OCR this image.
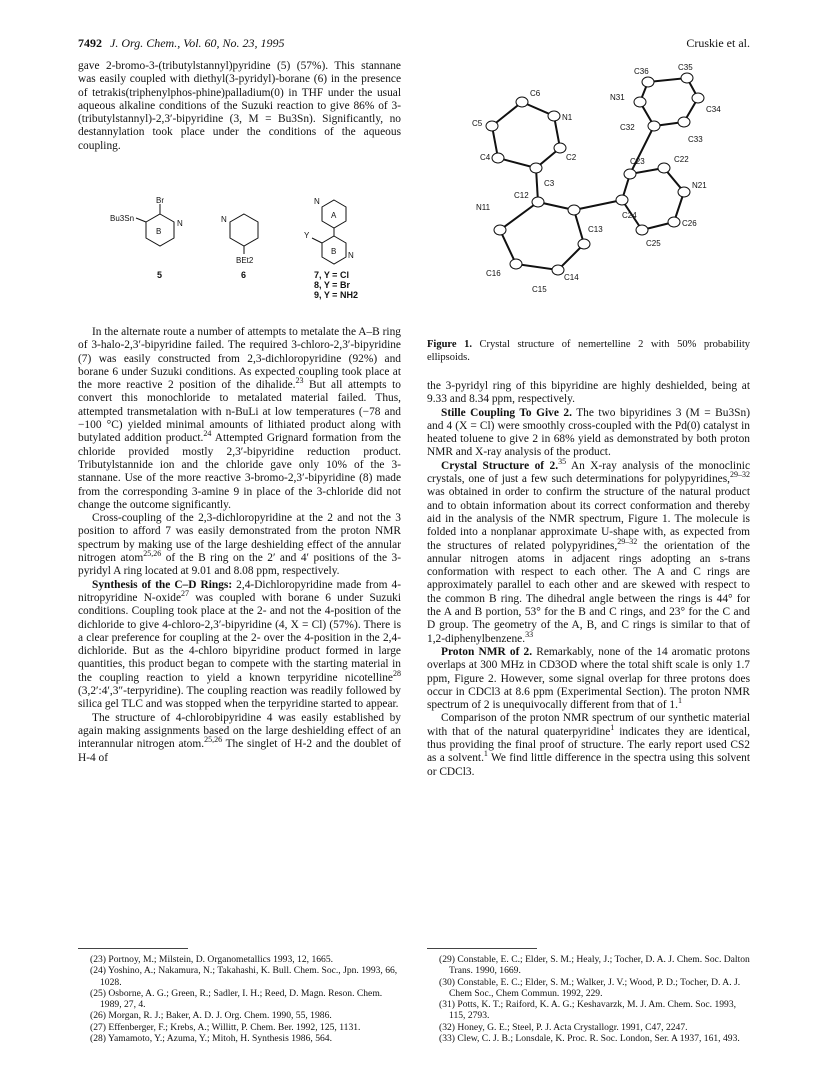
7492 J. Org. Chem., Vol. 60, No. 23, 1995	Cruskie et al.

gave 2-bromo-3-(tributylstannyl)pyridine (5) (57%). This stannane was easily coupled with diethyl(3-pyridyl)-borane (6) in the presence of tetrakis(triphenylphos-phine)palladium(0) in THF under the usual aqueous alkaline conditions of the Suzuki reaction to give 86% of 3-(tributylstannyl)-2,3′-bipyridine (3, M = Bu3Sn). Significantly, no destannylation took place under the conditions of the aqueous coupling.

Br
Bu3Sn
N
B
N
BEt2
N
A
B N
Y
5	6	7, Y = Cl
8, Y = Br
9, Y = NH2

In the alternate route a number of attempts to metalate the A–B ring of 3-halo-2,3′-bipyridine failed. The required 3-chloro-2,3′-bipyridine (7) was easily constructed from 2,3-dichloropyridine (92%) and borane 6 under Suzuki conditions. As expected coupling took place at the more reactive 2 position of the dihalide.$^{23}$ But all attempts to convert this monochloride to metalated material failed. Thus, attempted transmetalation with n-BuLi at low temperatures (−78 and −100 °C) yielded minimal amounts of lithiated product along with butylated addition product.$^{24}$ Attempted Grignard formation from the chloride provided mostly 2,3′-bipyridine reduction product. Tributylstannide ion and the chloride gave only 10% of the 3-stannane. Use of the more reactive 3-bromo-2,3′-bipyridine (8) made from the corresponding 3-amine 9 in place of the 3-chloride did not change the outcome significantly.

Cross-coupling of the 2,3-dichloropyridine at the 2 and not the 3 position to afford 7 was easily demonstrated from the proton NMR spectrum by making use of the large deshielding effect of the annular nitrogen atom$^{25,26}$ of the B ring on the 2′ and 4′ positions of the 3-pyridyl A ring located at 9.01 and 8.08 ppm, respectively.

Synthesis of the C–D Rings: 2,4-Dichloropyridine made from 4-nitropyridine N-oxide$^{27}$ was coupled with borane 6 under Suzuki conditions. Coupling took place at the 2- and not the 4-position of the dichloride to give 4-chloro-2,3′-bipyridine (4, X = Cl) (57%). There is a clear preference for coupling at the 2- over the 4-position in the 2,4-dichloride. But as the 4-chloro bipyridine product formed in large quantities, this product began to compete with the starting material in the coupling reaction to yield a known terpyridine nicotelline$^{28}$ (3,2′:4′,3″-terpyridine). The coupling reaction was readily followed by silica gel TLC and was stopped when the terpyridine started to appear.

The structure of 4-chlorobipyridine 4 was easily established by again making assignments based on the large deshielding effect of an interannular nitrogen atom.$^{25,26}$ The singlet of H-2 and the doublet of H-4 of

C36	C35
N31
C34
C32
C33
C6
C5
N1
C4	C2
C3
C23	C22
N21
C12
C26
N11
C24
C13
C25
C16	C14
C15
Figure 1. Crystal structure of nemertelline 2 with 50% probability ellipsoids.

the 3-pyridyl ring of this bipyridine are highly deshielded, being at 9.33 and 8.34 ppm, respectively.

Stille Coupling To Give 2. The two bipyridines 3 (M = Bu3Sn) and 4 (X = Cl) were smoothly cross-coupled with the Pd(0) catalyst in heated toluene to give 2 in 68% yield as demonstrated by both proton NMR and X-ray analysis of the product.

Crystal Structure of 2.35 An X-ray analysis of the monoclinic crystals, one of just a few such determinations for polypyridines,$^{29-32}$ was obtained in order to confirm the structure of the natural product and to obtain information about its correct conformation and thereby aid in the analysis of the NMR spectrum, Figure 1. The molecule is folded into a nonplanar approximate U-shape with, as expected from the structures of related polypyridines,$^{29-32}$ the orientation of the annular nitrogen atoms in adjacent rings adopting an s-trans conformation with respect to each other. The A and C rings are approximately parallel to each other and are skewed with respect to the common B ring. The dihedral angle between the rings is 44° for the A and B portion, 53° for the B and C rings, and 23° for the C and D group. The geometry of the A, B, and C rings is similar to that of 1,2-diphenylbenzene.$^{33}$

Proton NMR of 2. Remarkably, none of the 14 aromatic protons overlaps at 300 MHz in CD3OD where the total shift scale is only 1.7 ppm, Figure 2. However, some signal overlap for three protons does occur in CDCl3 at 8.6 ppm (Experimental Section). The proton NMR spectrum of 2 is unequivocally different from that of 1.$^1$

Comparison of the proton NMR spectrum of our synthetic material with that of the natural quaterpyridine$^1$ indicates they are identical, thus providing the final proof of structure. The early report used CS2 as a solvent.$^1$ We find little difference in the spectra using this solvent or CDCl3.

(23) Portnoy, M.; Milstein, D. Organometallics 1993, 12, 1665.
(24) Yoshino, A.; Nakamura, N.; Takahashi, K. Bull. Chem. Soc., Jpn. 1993, 66, 1028.
(25) Osborne, A. G.; Green, R.; Sadler, I. H.; Reed, D. Magn. Reson. Chem. 1989, 27, 4.
(26) Morgan, R. J.; Baker, A. D. J. Org. Chem. 1990, 55, 1986.
(27) Effenberger, F.; Krebs, A.; Willitt, P. Chem. Ber. 1992, 125, 1131.
(28) Yamamoto, Y.; Azuma, Y.; Mitoh, H. Synthesis 1986, 564.
(29) Constable, E. C.; Elder, S. M.; Healy, J.; Tocher, D. A. J. Chem. Soc. Dalton Trans. 1990, 1669.
(30) Constable, E. C.; Elder, S. M.; Walker, J. V.; Wood, P. D.; Tocher, D. A. J. Chem Soc., Chem Commun. 1992, 229.
(31) Potts, K. T.; Raiford, K. A. G.; Keshavarzk, M. J. Am. Chem. Soc. 1993, 115, 2793.
(32) Honey, G. E.; Steel, P. J. Acta Crystallogr. 1991, C47, 2247.
(33) Clew, C. J. B.; Lonsdale, K. Proc. R. Soc. London, Ser. A 1937, 161, 493.
